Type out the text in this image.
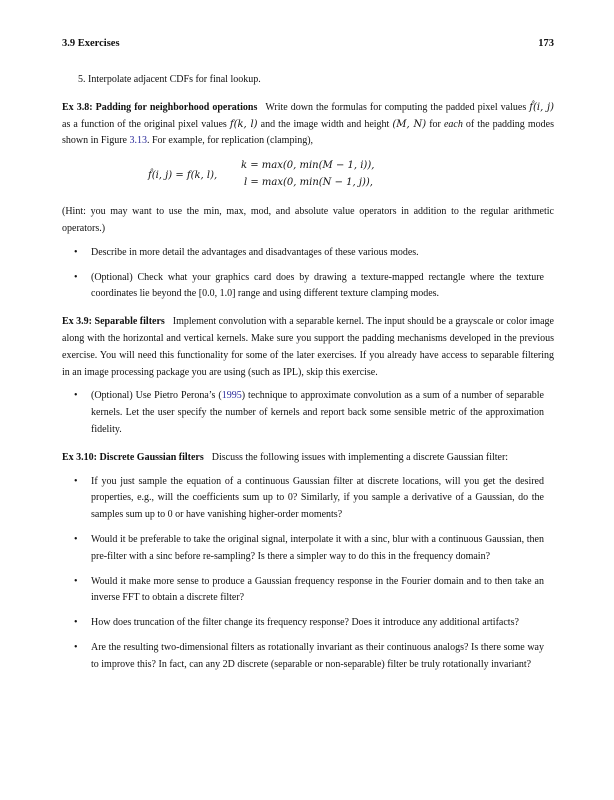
3.9 Exercises	173

5. Interpolate adjacent CDFs for final lookup.

Ex 3.8: Padding for neighborhood operations Write down the formulas for computing the padded pixel values f̂(i, j) as a function of the original pixel values f(k, l) and the image width and height (M, N) for each of the padding modes shown in Figure 3.13. For example, for replication (clamping),

f̂(i, j) = f(k, l),
k = max(0, min(M − 1, i)),
l = max(0, min(N − 1, j)),

(Hint: you may want to use the min, max, mod, and absolute value operators in addition to the regular arithmetic operators.)

• Describe in more detail the advantages and disadvantages of these various modes.
• (Optional) Check what your graphics card does by drawing a texture-mapped rectangle where the texture coordinates lie beyond the [0.0, 1.0] range and using different texture clamping modes.

Ex 3.9: Separable filters Implement convolution with a separable kernel. The input should be a grayscale or color image along with the horizontal and vertical kernels. Make sure you support the padding mechanisms developed in the previous exercise. You will need this functionality for some of the later exercises. If you already have access to separable filtering in an image processing package you are using (such as IPL), skip this exercise.

• (Optional) Use Pietro Perona’s (1995) technique to approximate convolution as a sum of a number of separable kernels. Let the user specify the number of kernels and report back some sensible metric of the approximation fidelity.

Ex 3.10: Discrete Gaussian filters Discuss the following issues with implementing a discrete Gaussian filter:

• If you just sample the equation of a continuous Gaussian filter at discrete locations, will you get the desired properties, e.g., will the coefficients sum up to 0? Similarly, if you sample a derivative of a Gaussian, do the samples sum up to 0 or have vanishing higher-order moments?
• Would it be preferable to take the original signal, interpolate it with a sinc, blur with a continuous Gaussian, then pre-filter with a sinc before re-sampling? Is there a simpler way to do this in the frequency domain?
• Would it make more sense to produce a Gaussian frequency response in the Fourier domain and to then take an inverse FFT to obtain a discrete filter?
• How does truncation of the filter change its frequency response? Does it introduce any additional artifacts?
• Are the resulting two-dimensional filters as rotationally invariant as their continuous analogs? Is there some way to improve this? In fact, can any 2D discrete (separable or non-separable) filter be truly rotationally invariant?
